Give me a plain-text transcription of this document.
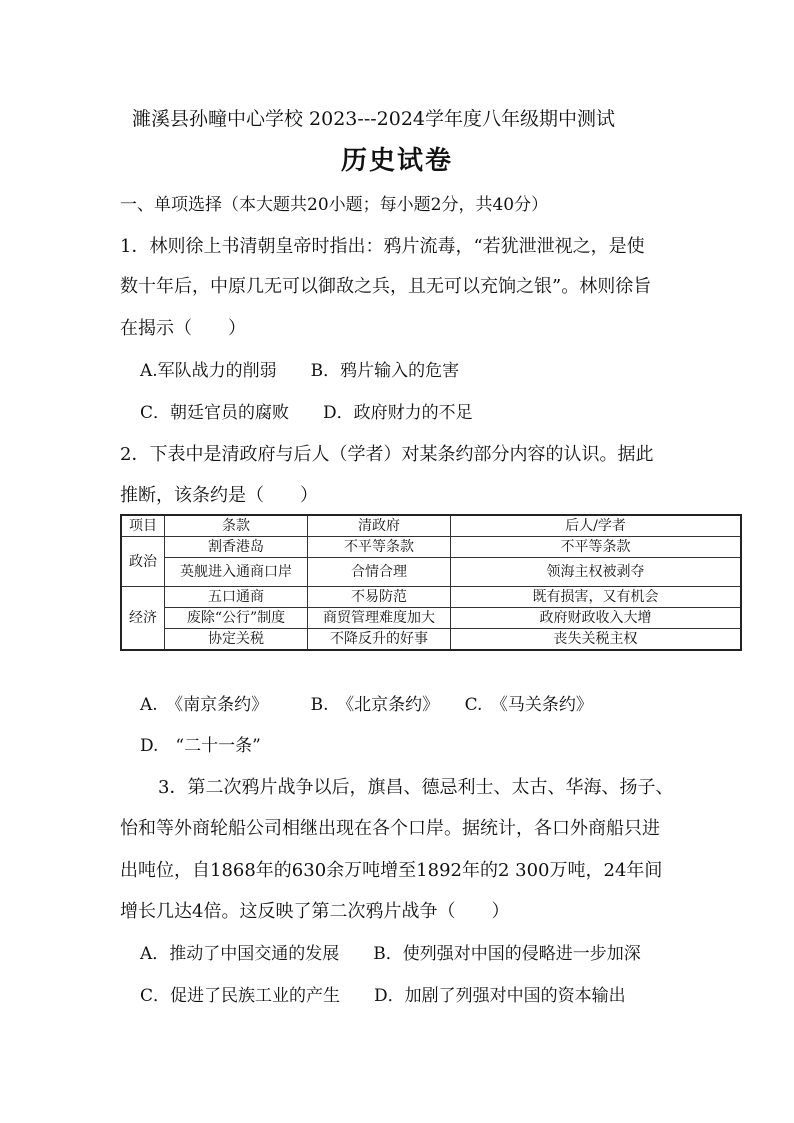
濉溪县孙疃中心学校 2023---2024学年度八年级期中测试
历史试卷
一、单项选择（本大题共20小题；每小题2分，共40分）
1．林则徐上书清朝皇帝时指出：鸦片流毒，“若犹泄泄视之，是使
数十年后，中原几无可以御敌之兵，且无可以充饷之银”。林则徐旨
在揭示（　　）
A.军队战力的削弱　　B．鸦片输入的危害
C．朝廷官员的腐败　　D．政府财力的不足
2．下表中是清政府与后人（学者）对某条约部分内容的认识。据此
推断，该条约是（　　）
项目	条款	清政府	后人/学者
政治	割香港岛	不平等条款	不平等条款
	英舰进入通商口岸	合情合理	领海主权被剥夺
经济	五口通商	不易防范	既有损害，又有机会
	废除“公行”制度	商贸管理难度加大	政府财政收入大增
	协定关税	不降反升的好事	丧失关税主权
A.　《南京条约》　　　B.　《北京条约》　　C.　《马关条约》
D.　“二十一条”
3．第二次鸦片战争以后，旗昌、德忌利士、太古、华海、扬子、
怡和等外商轮船公司相继出现在各个口岸。据统计，各口外商船只进
出吨位，自1868年的630余万吨增至1892年的2 300万吨，24年间
增长几达4倍。这反映了第二次鸦片战争（　　）
A．推动了中国交通的发展　　B．使列强对中国的侵略进一步加深
C．促进了民族工业的产生　　D．加剧了列强对中国的资本输出
